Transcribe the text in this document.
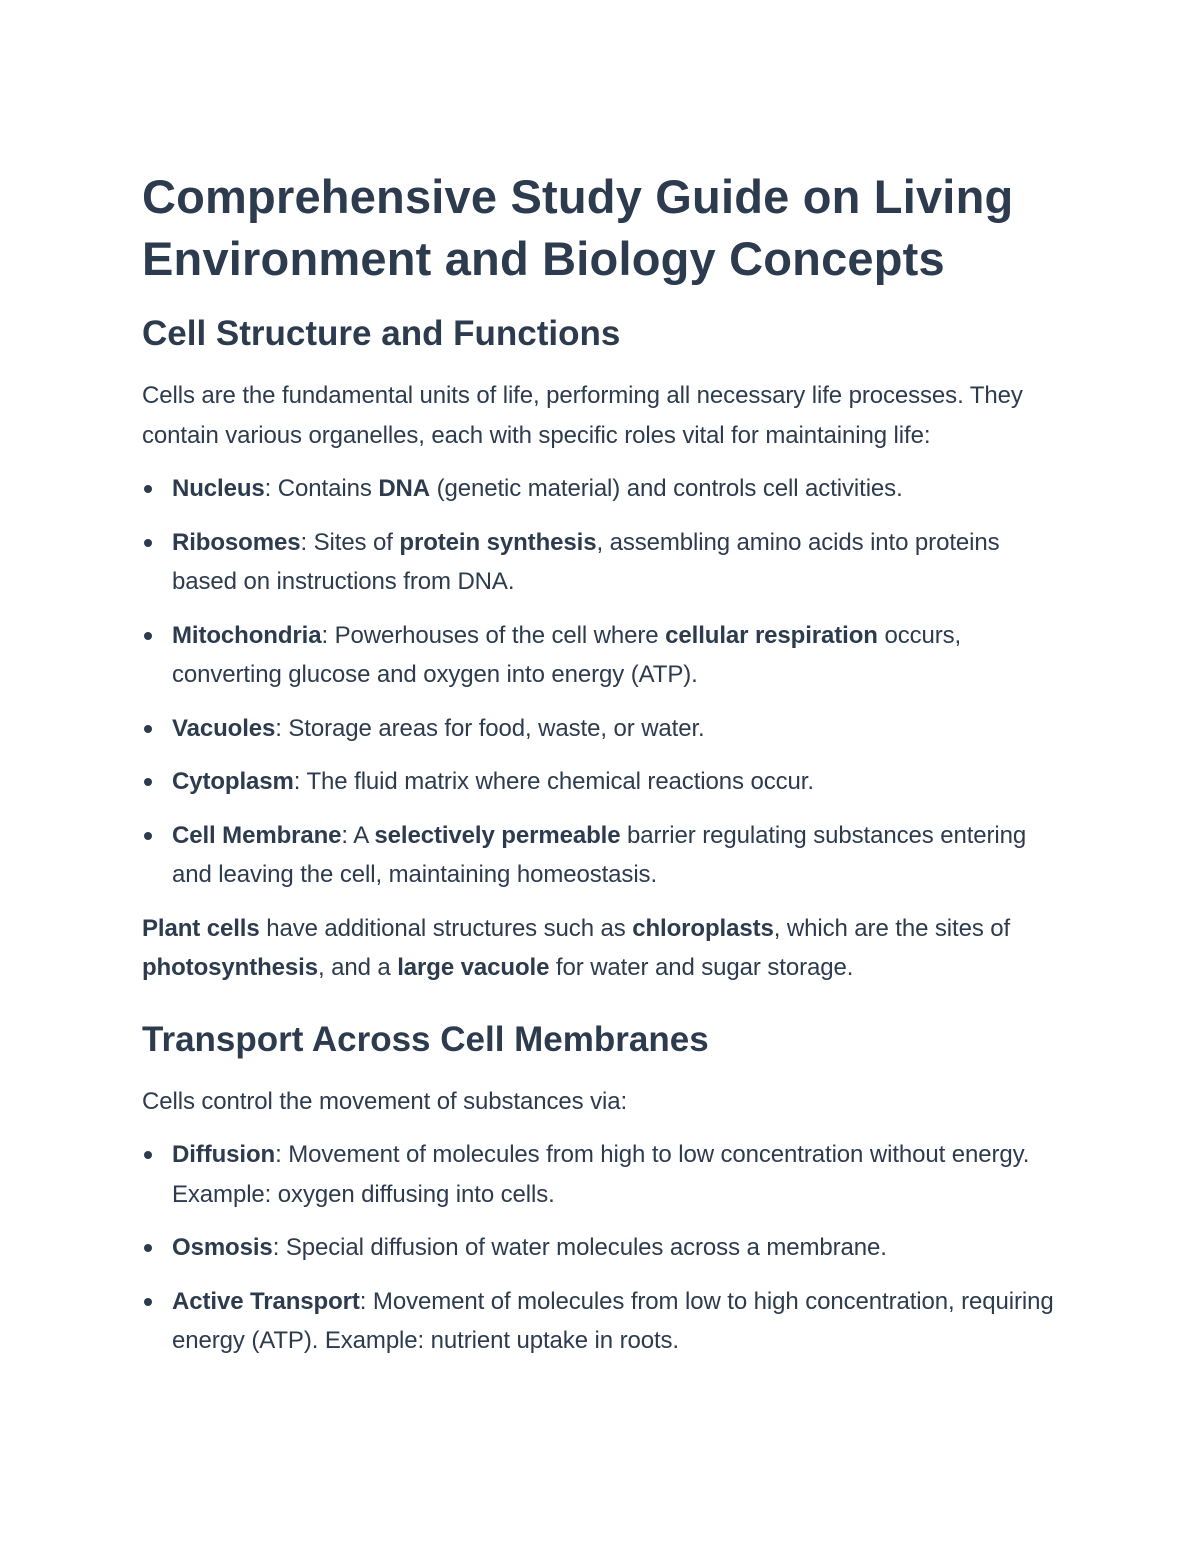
Comprehensive Study Guide on Living Environment and Biology Concepts
Cell Structure and Functions

Cells are the fundamental units of life, performing all necessary life processes. They contain various organelles, each with specific roles vital for maintaining life:

Nucleus: Contains DNA (genetic material) and controls cell activities.
Ribosomes: Sites of protein synthesis, assembling amino acids into proteins based on instructions from DNA.
Mitochondria: Powerhouses of the cell where cellular respiration occurs, converting glucose and oxygen into energy (ATP).
Vacuoles: Storage areas for food, waste, or water.
Cytoplasm: The fluid matrix where chemical reactions occur.
Cell Membrane: A selectively permeable barrier regulating substances entering and leaving the cell, maintaining homeostasis.

Plant cells have additional structures such as chloroplasts, which are the sites of photosynthesis, and a large vacuole for water and sugar storage.

Transport Across Cell Membranes

Cells control the movement of substances via:

Diffusion: Movement of molecules from high to low concentration without energy. Example: oxygen diffusing into cells.
Osmosis: Special diffusion of water molecules across a membrane.
Active Transport: Movement of molecules from low to high concentration, requiring energy (ATP). Example: nutrient uptake in roots.
